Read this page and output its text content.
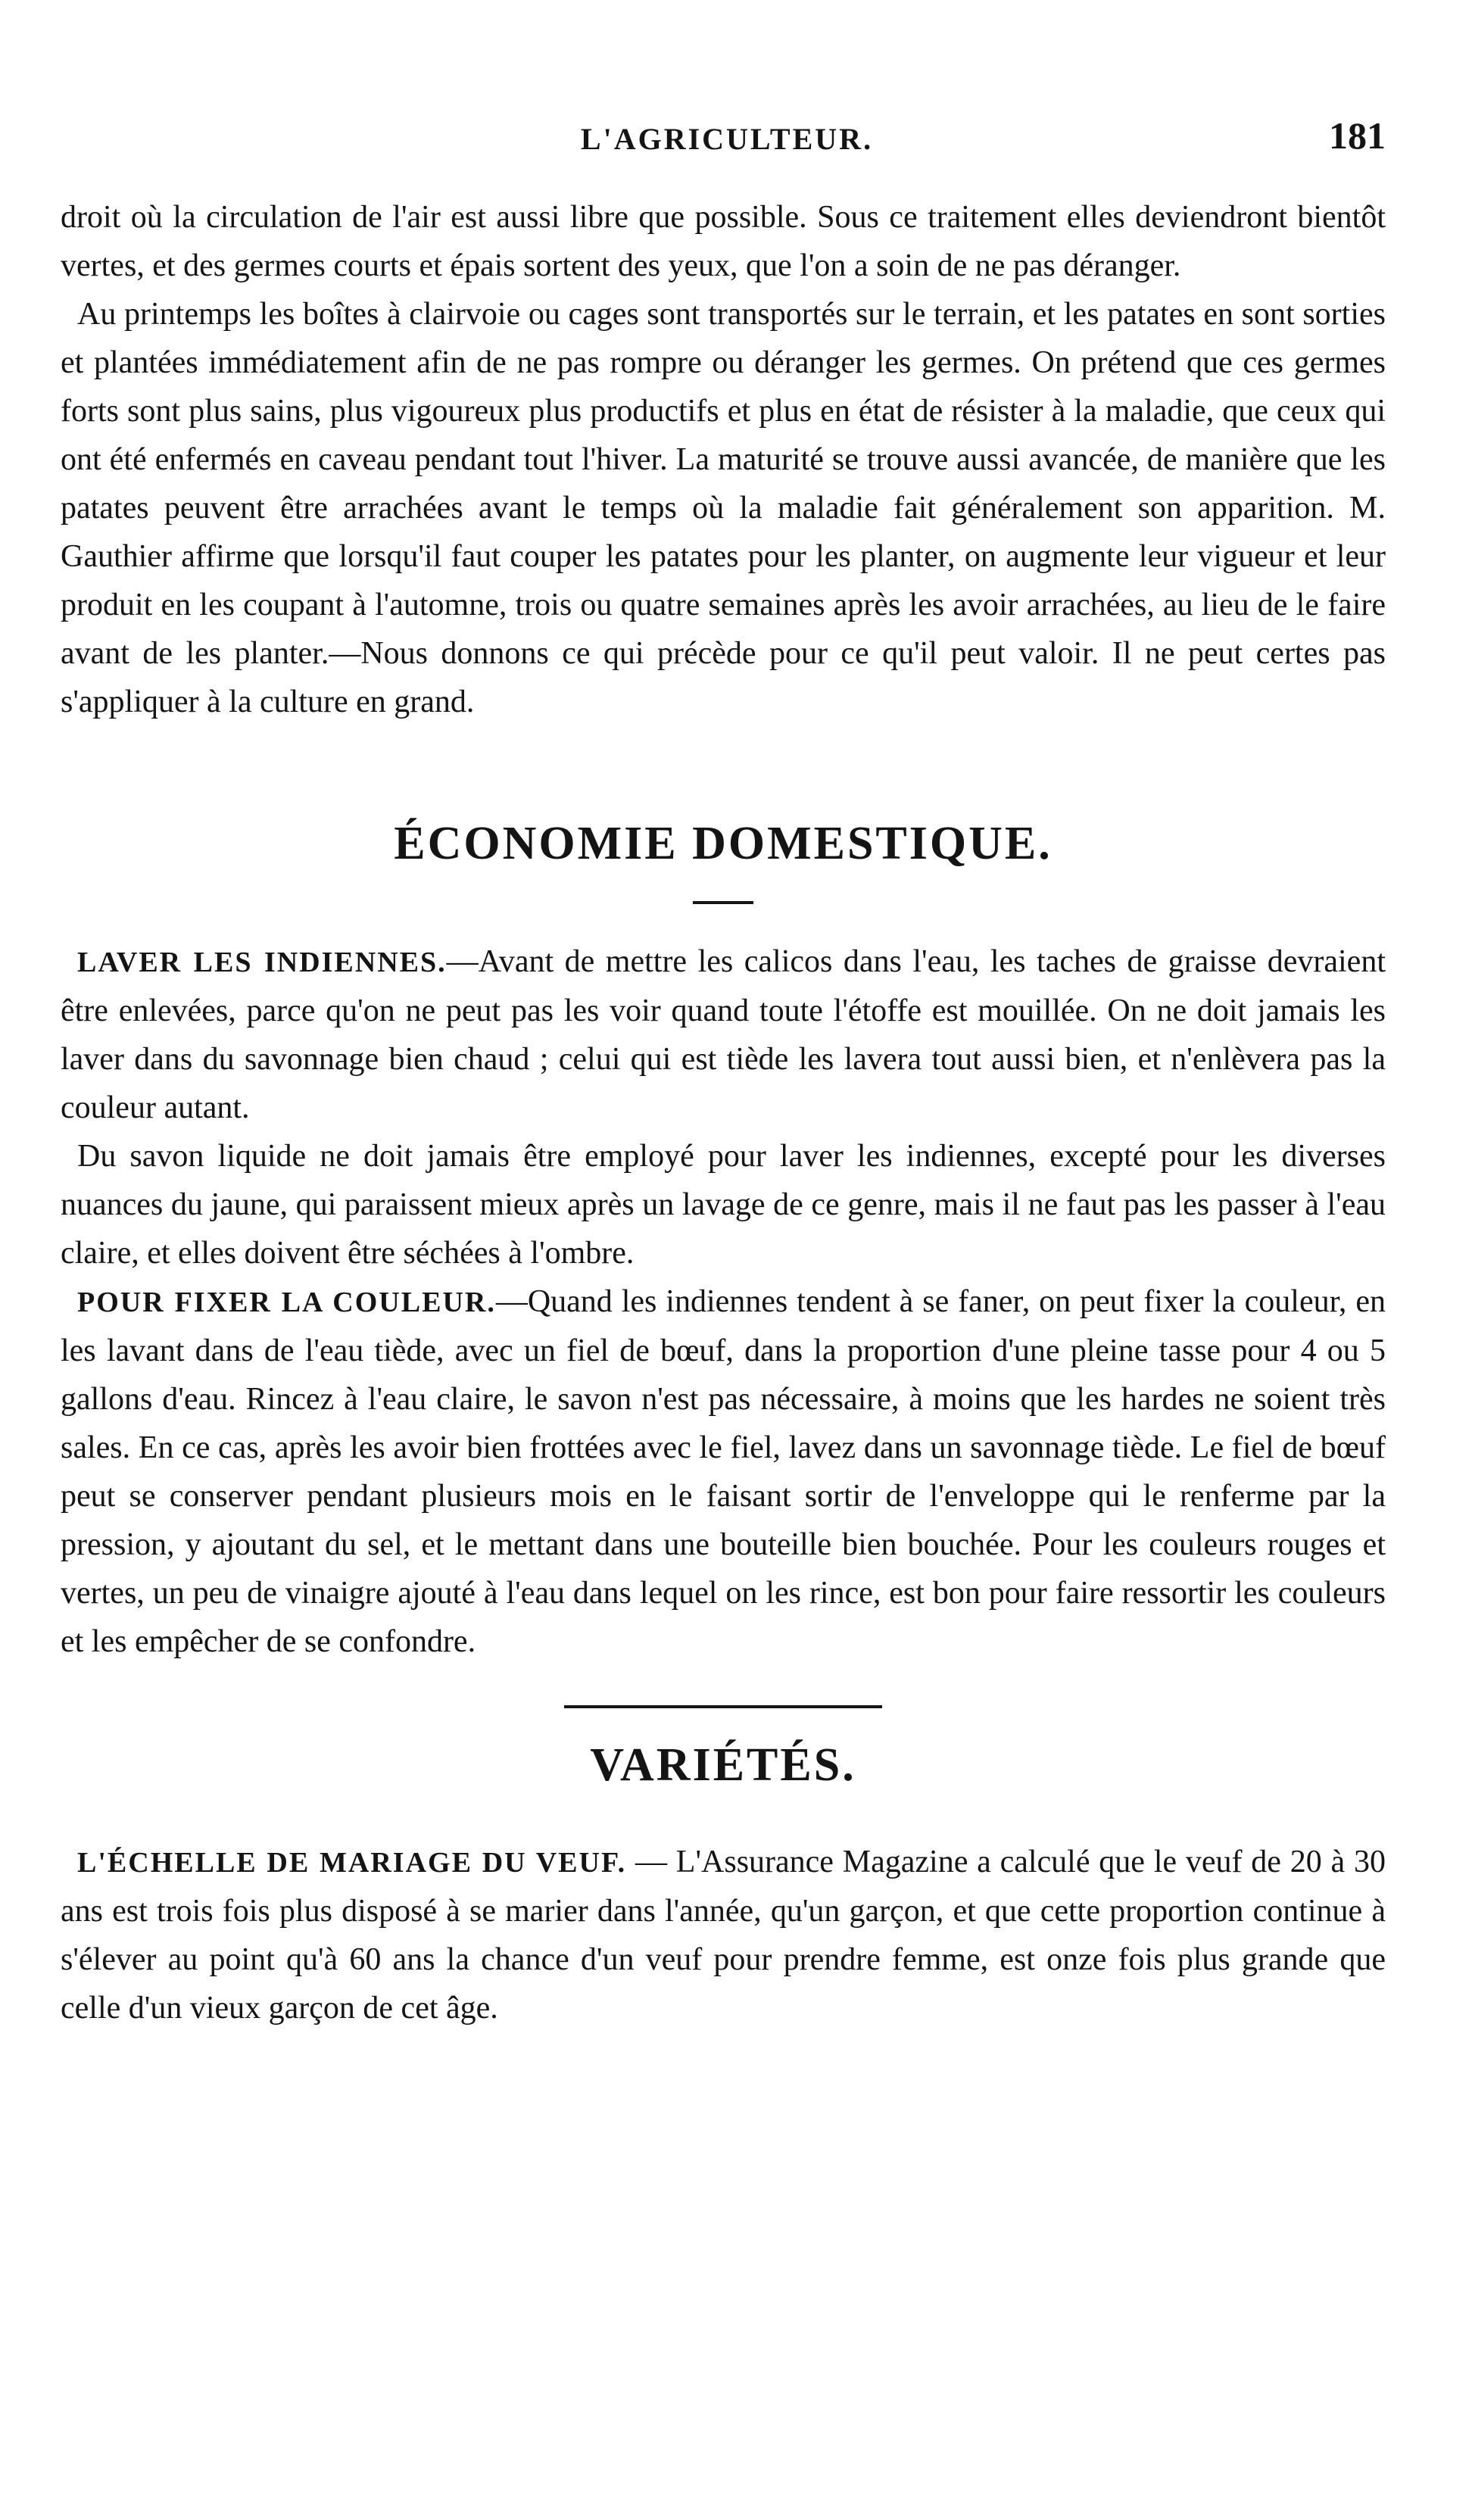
L'AGRICULTEUR.	181

droit où la circulation de l'air est aussi libre que possible. Sous ce traitement elles deviendront bientôt vertes, et des germes courts et épais sortent des yeux, que l'on a soin de ne pas déranger.

Au printemps les boîtes à clairvoie ou cages sont transportés sur le terrain, et les patates en sont sorties et plantées immédiatement afin de ne pas rompre ou déranger les germes. On prétend que ces germes forts sont plus sains, plus vigoureux plus productifs et plus en état de résister à la maladie, que ceux qui ont été enfermés en caveau pendant tout l'hiver. La maturité se trouve aussi avancée, de manière que les patates peuvent être arrachées avant le temps où la maladie fait généralement son apparition. M. Gauthier affirme que lorsqu'il faut couper les patates pour les planter, on augmente leur vigueur et leur produit en les coupant à l'automne, trois ou quatre semaines après les avoir arrachées, au lieu de le faire avant de les planter.—Nous donnons ce qui précède pour ce qu'il peut valoir. Il ne peut certes pas s'appliquer à la culture en grand.

ÉCONOMIE DOMESTIQUE.

LAVER LES INDIENNES.—Avant de mettre les calicos dans l'eau, les taches de graisse devraient être enlevées, parce qu'on ne peut pas les voir quand toute l'étoffe est mouillée. On ne doit jamais les laver dans du savonnage bien chaud ; celui qui est tiède les lavera tout aussi bien, et n'enlèvera pas la couleur autant.

Du savon liquide ne doit jamais être employé pour laver les indiennes, excepté pour les diverses nuances du jaune, qui paraissent mieux après un lavage de ce genre, mais il ne faut pas les passer à l'eau claire, et elles doivent être séchées à l'ombre.

POUR FIXER LA COULEUR.—Quand les indiennes tendent à se faner, on peut fixer la couleur, en les lavant dans de l'eau tiède, avec un fiel de bœuf, dans la proportion d'une pleine tasse pour 4 ou 5 gallons d'eau. Rincez à l'eau claire, le savon n'est pas nécessaire, à moins que les hardes ne soient très sales. En ce cas, après les avoir bien frottées avec le fiel, lavez dans un savonnage tiède. Le fiel de bœuf peut se conserver pendant plusieurs mois en le faisant sortir de l'enveloppe qui le renferme par la pression, y ajoutant du sel, et le mettant dans une bouteille bien bouchée. Pour les couleurs rouges et vertes, un peu de vinaigre ajouté à l'eau dans lequel on les rince, est bon pour faire ressortir les couleurs et les empêcher de se confondre.

VARIÉTÉS.

L'ÉCHELLE DE MARIAGE DU VEUF. — L'Assurance Magazine a calculé que le veuf de 20 à 30 ans est trois fois plus disposé à se marier dans l'année, qu'un garçon, et que cette proportion continue à s'élever au point qu'à 60 ans la chance d'un veuf pour prendre femme, est onze fois plus grande que celle d'un vieux garçon de cet âge.
